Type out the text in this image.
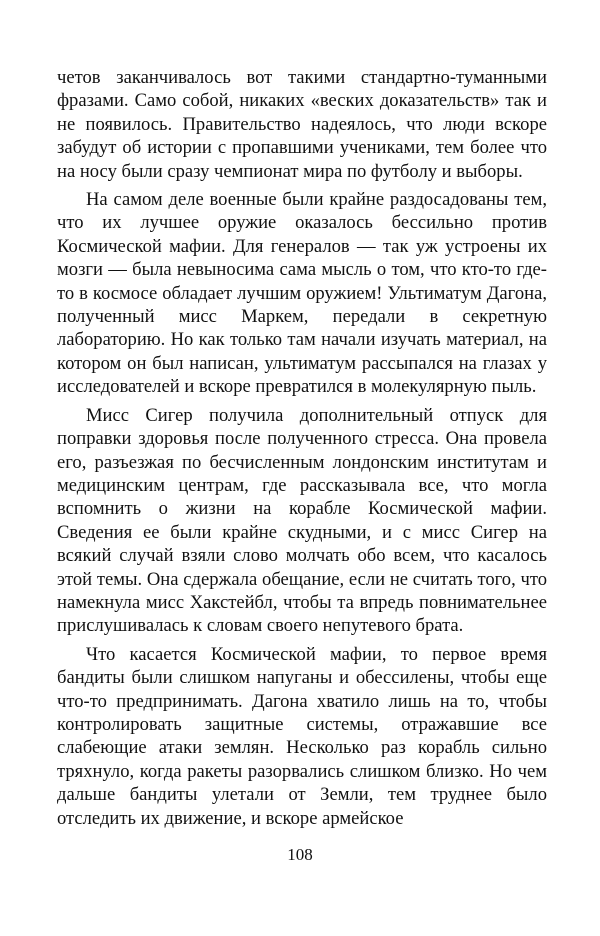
четов заканчивалось вот такими стандартно-туманными фразами. Само собой, никаких «веских доказательств» так и не появилось. Правительство надеялось, что люди вскоре забудут об истории с пропавшими учениками, тем более что на носу были сразу чемпионат мира по футболу и выборы.

На самом деле военные были крайне раздосадованы тем, что их лучшее оружие оказалось бессильно против Космической мафии. Для генералов — так уж устроены их мозги — была невыносима сама мысль о том, что кто-то где-то в космосе обладает лучшим оружием! Ультиматум Дагона, полученный мисс Маркем, передали в секретную лабораторию. Но как только там начали изучать материал, на котором он был написан, ультиматум рассыпался на глазах у исследователей и вскоре превратился в молекулярную пыль.

Мисс Сигер получила дополнительный отпуск для поправки здоровья после полученного стресса. Она провела его, разъезжая по бесчисленным лондонским институтам и медицинским центрам, где рассказывала все, что могла вспомнить о жизни на корабле Космической мафии. Сведения ее были крайне скудными, и с мисс Сигер на всякий случай взяли слово молчать обо всем, что касалось этой темы. Она сдержала обещание, если не считать того, что намекнула мисс Хакстейбл, чтобы та впредь повнимательнее прислушивалась к словам своего непутевого брата.

Что касается Космической мафии, то первое время бандиты были слишком напуганы и обессилены, чтобы еще что-то предпринимать. Дагона хватило лишь на то, чтобы контролировать защитные системы, отражавшие все слабеющие атаки землян. Несколько раз корабль сильно тряхнуло, когда ракеты разорвались слишком близко. Но чем дальше бандиты улетали от Земли, тем труднее было отследить их движение, и вскоре армейское

108
